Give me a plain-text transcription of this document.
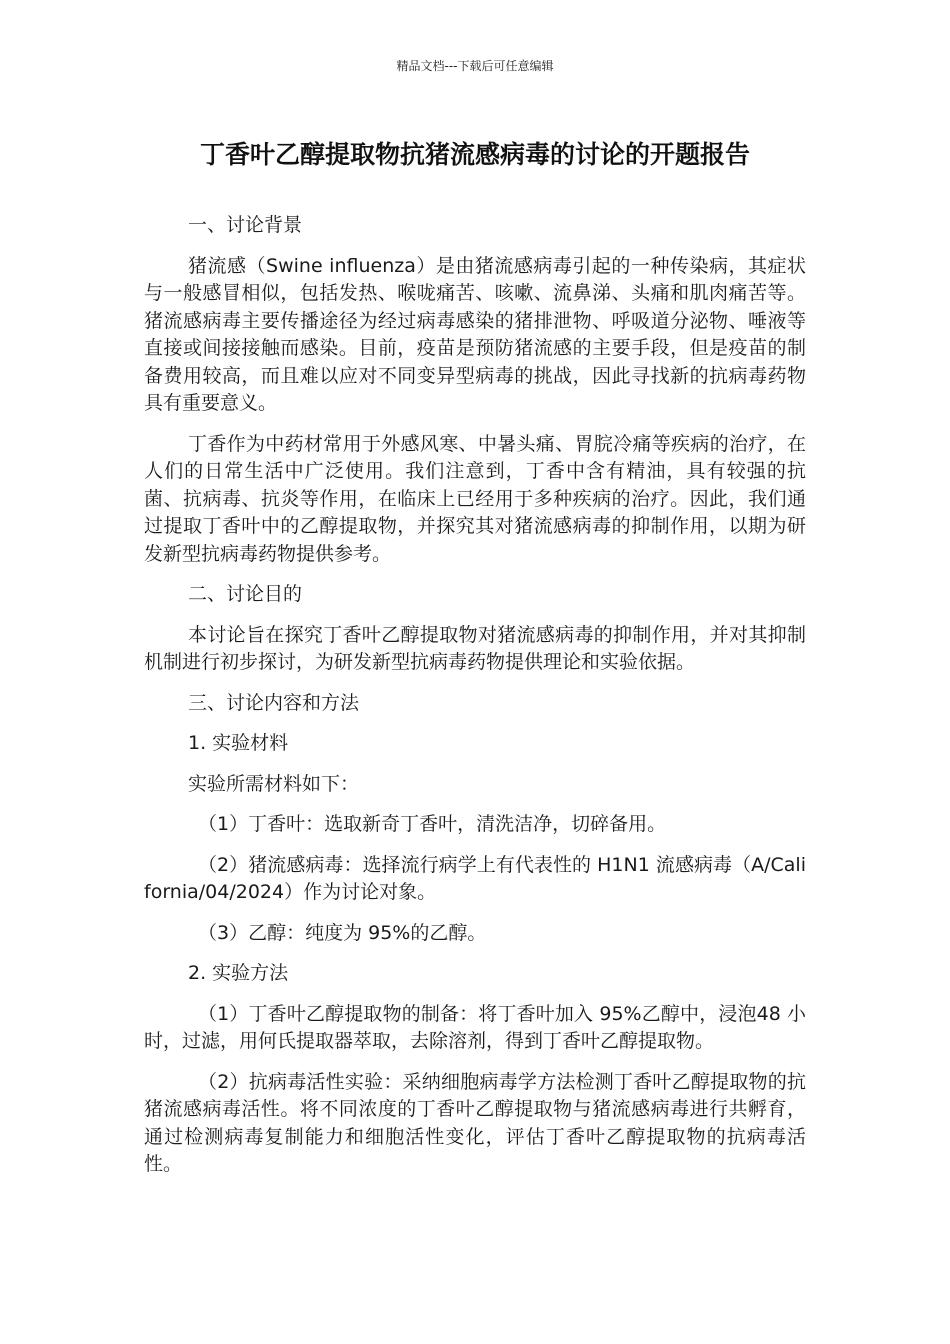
精品文档---下载后可任意编辑
丁香叶乙醇提取物抗猪流感病毒的讨论的开题报告

一、讨论背景

猪流感（Swine influenza）是由猪流感病毒引起的一种传染病，其症状与一般感冒相似，包括发热、喉咙痛苦、咳嗽、流鼻涕、头痛和肌肉痛苦等。猪流感病毒主要传播途径为经过病毒感染的猪排泄物、呼吸道分泌物、唾液等直接或间接接触而感染。目前，疫苗是预防猪流感的主要手段，但是疫苗的制备费用较高，而且难以应对不同变异型病毒的挑战，因此寻找新的抗病毒药物具有重要意义。

丁香作为中药材常用于外感风寒、中暑头痛、胃脘冷痛等疾病的治疗，在人们的日常生活中广泛使用。我们注意到，丁香中含有精油，具有较强的抗菌、抗病毒、抗炎等作用，在临床上已经用于多种疾病的治疗。因此，我们通过提取丁香叶中的乙醇提取物，并探究其对猪流感病毒的抑制作用，以期为研发新型抗病毒药物提供参考。

二、讨论目的

本讨论旨在探究丁香叶乙醇提取物对猪流感病毒的抑制作用，并对其抑制机制进行初步探讨，为研发新型抗病毒药物提供理论和实验依据。

三、讨论内容和方法

1. 实验材料

实验所需材料如下：

（1）丁香叶：选取新奇丁香叶，清洗洁净，切碎备用。

（2）猪流感病毒：选择流行病学上有代表性的 H1N1 流感病毒（A/California/04/2024）作为讨论对象。

（3）乙醇：纯度为 95%的乙醇。

2. 实验方法

（1）丁香叶乙醇提取物的制备：将丁香叶加入 95%乙醇中，浸泡48 小时，过滤，用何氏提取器萃取，去除溶剂，得到丁香叶乙醇提取物。

（2）抗病毒活性实验：采纳细胞病毒学方法检测丁香叶乙醇提取物的抗猪流感病毒活性。将不同浓度的丁香叶乙醇提取物与猪流感病毒进行共孵育，通过检测病毒复制能力和细胞活性变化，评估丁香叶乙醇提取物的抗病毒活性。
